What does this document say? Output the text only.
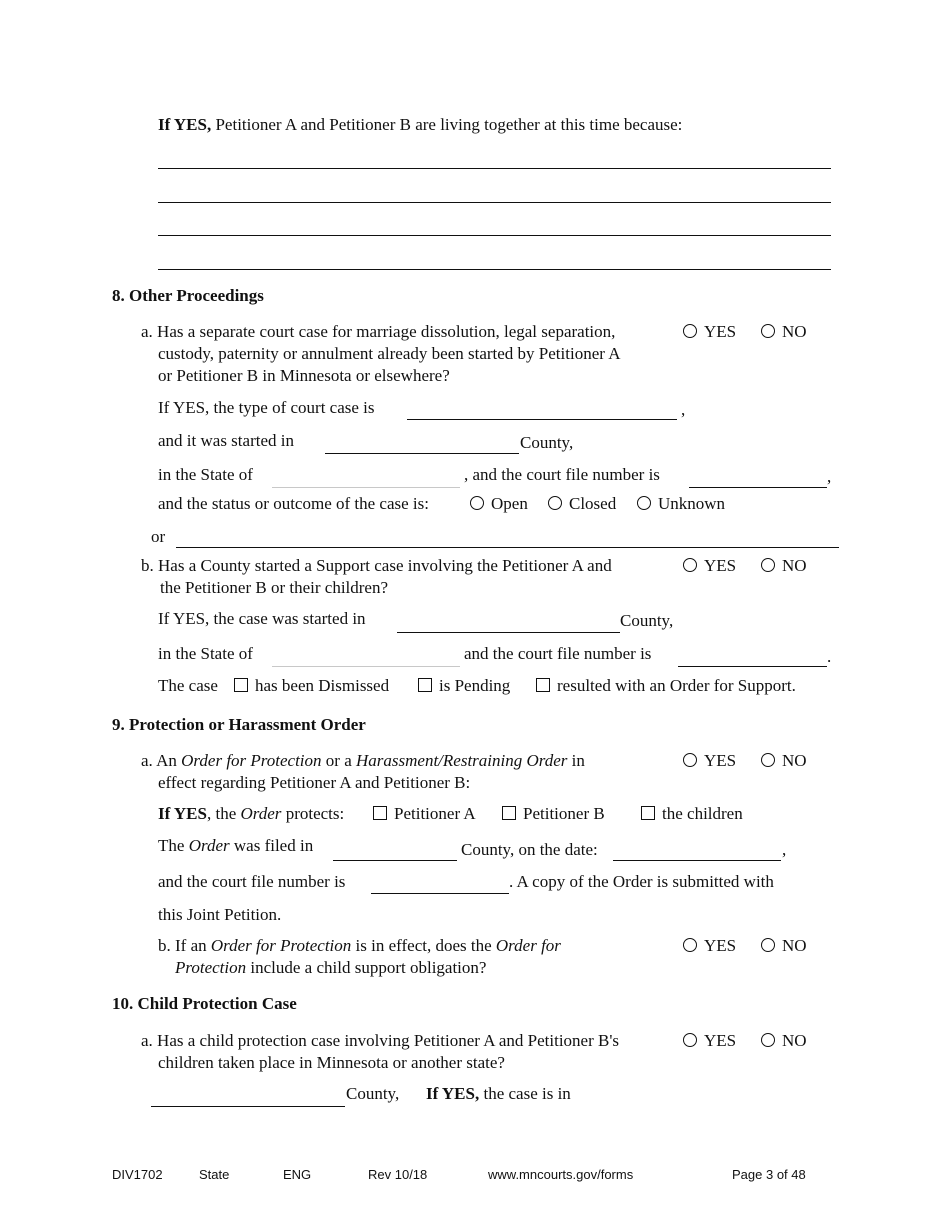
If YES, Petitioner A and Petitioner B are living together at this time because:
8. Other Proceedings
a. Has a separate court case for marriage dissolution, legal separation,
custody, paternity or annulment already been started by Petitioner A
or Petitioner B in Minnesota or elsewhere?
YES	NO
If YES, the type of court case is	,
and it was started in	County,
in the State of	, and the court file number is	,
and the status or outcome of the case is:	Open	Closed	Unknown
or
b. Has a County started a Support case involving the Petitioner A and
the Petitioner B or their children?
YES	NO
If YES, the case was started in	County,
in the State of	and the court file number is	.
The case	has been Dismissed	is Pending	resulted with an Order for Support.
9. Protection or Harassment Order
a. An Order for Protection or a Harassment/Restraining Order in
effect regarding Petitioner A and Petitioner B:
YES	NO
If YES, the Order protects:	Petitioner A	Petitioner B	the children
The Order was filed in	County, on the date:	,
and the court file number is	. A copy of the Order is submitted with
this Joint Petition.
b. If an Order for Protection is in effect, does the Order for
Protection include a child support obligation?
YES	NO
10. Child Protection Case
a. Has a child protection case involving Petitioner A and Petitioner B's
children taken place in Minnesota or another state?
YES	NO
County, If YES, the case is in
DIV1702	State	ENG	Rev 10/18	www.mncourts.gov/forms	Page 3 of 48
